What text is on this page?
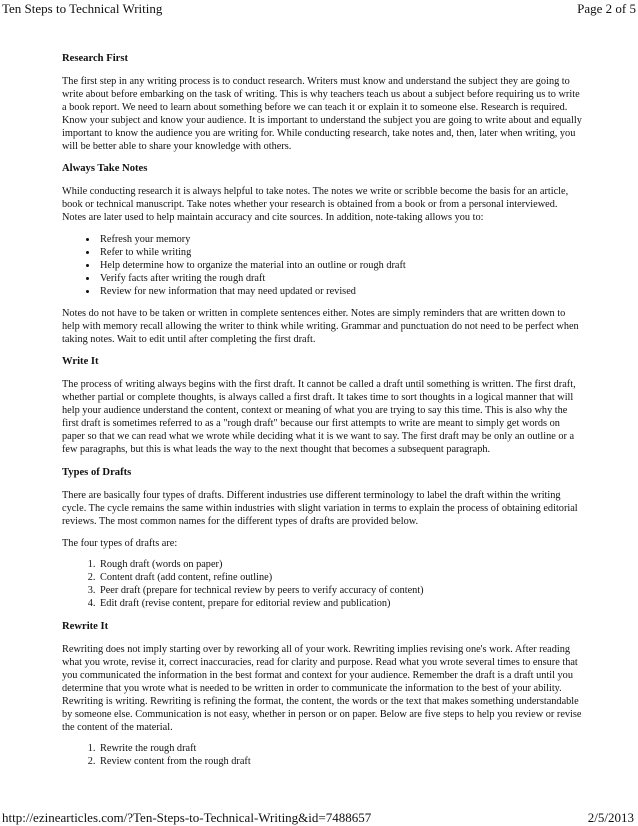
Ten Steps to Technical Writing	Page 2 of 5
Research First

The first step in any writing process is to conduct research. Writers must know and understand the subject they are going to write about before embarking on the task of writing. This is why teachers teach us about a subject before requiring us to write a book report. We need to learn about something before we can teach it or explain it to someone else. Research is required. Know your subject and know your audience. It is important to understand the subject you are going to write about and equally important to know the audience you are writing for. While conducting research, take notes and, then, later when writing, you will be better able to share your knowledge with others.

Always Take Notes

While conducting research it is always helpful to take notes. The notes we write or scribble become the basis for an article, book or technical manuscript. Take notes whether your research is obtained from a book or from a personal interviewed. Notes are later used to help maintain accuracy and cite sources. In addition, note-taking allows you to:

• Refresh your memory
• Refer to while writing
• Help determine how to organize the material into an outline or rough draft
• Verify facts after writing the rough draft
• Review for new information that may need updated or revised

Notes do not have to be taken or written in complete sentences either. Notes are simply reminders that are written down to help with memory recall allowing the writer to think while writing. Grammar and punctuation do not need to be perfect when taking notes. Wait to edit until after completing the first draft.

Write It

The process of writing always begins with the first draft. It cannot be called a draft until something is written. The first draft, whether partial or complete thoughts, is always called a first draft. It takes time to sort thoughts in a logical manner that will help your audience understand the content, context or meaning of what you are trying to say this time. This is also why the first draft is sometimes referred to as a "rough draft" because our first attempts to write are meant to simply get words on paper so that we can read what we wrote while deciding what it is we want to say. The first draft may be only an outline or a few paragraphs, but this is what leads the way to the next thought that becomes a subsequent paragraph.

Types of Drafts

There are basically four types of drafts. Different industries use different terminology to label the draft within the writing cycle. The cycle remains the same within industries with slight variation in terms to explain the process of obtaining editorial reviews. The most common names for the different types of drafts are provided below.

The four types of drafts are:

1. Rough draft (words on paper)
2. Content draft (add content, refine outline)
3. Peer draft (prepare for technical review by peers to verify accuracy of content)
4. Edit draft (revise content, prepare for editorial review and publication)
Rewrite It

Rewriting does not imply starting over by reworking all of your work. Rewriting implies revising one's work. After reading what you wrote, revise it, correct inaccuracies, read for clarity and purpose. Read what you wrote several times to ensure that you communicated the information in the best format and context for your audience. Remember the draft is a draft until you determine that you wrote what is needed to be written in order to communicate the information to the best of your ability. Rewriting is writing. Rewriting is refining the format, the content, the words or the text that makes something understandable by someone else. Communication is not easy, whether in person or on paper. Below are five steps to help you review or revise the content of the material.

1. Rewrite the rough draft
2. Review content from the rough draft
http://ezinearticles.com/?Ten-Steps-to-Technical-Writing&id=7488657	2/5/2013
